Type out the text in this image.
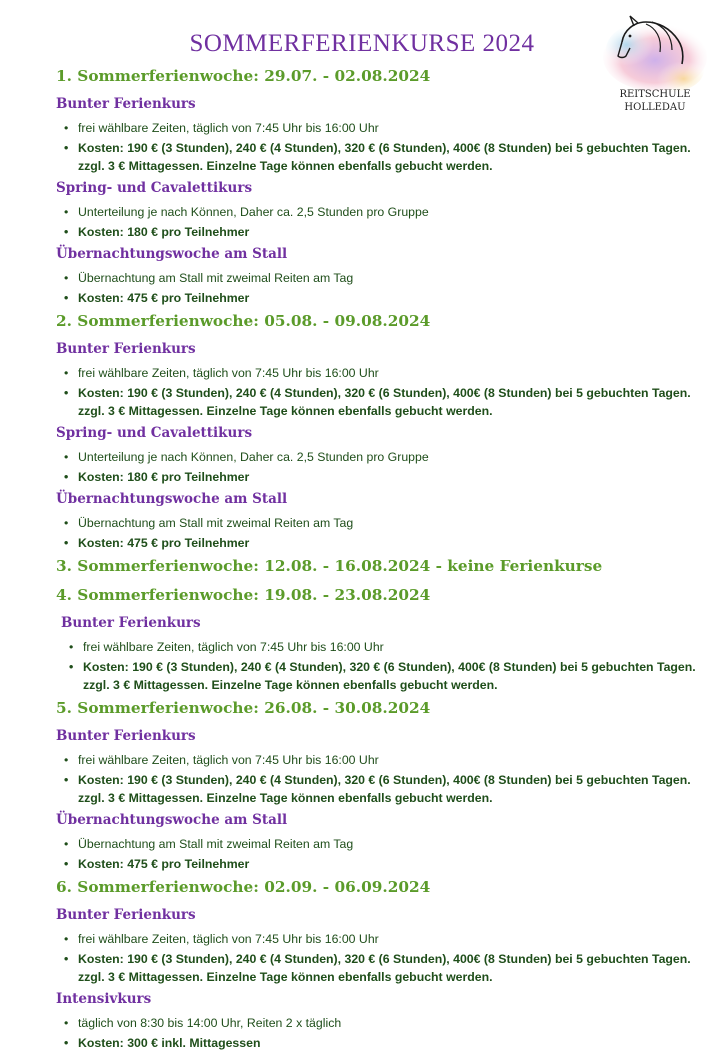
SOMMERFERIENKURSE 2024
REITSCHULE
HOLLEDAU
1. Sommerferienwoche: 29.07. - 02.08.2024
Bunter Ferienkurs
• frei wählbare Zeiten, täglich von 7:45 Uhr bis 16:00 Uhr
• Kosten: 190 € (3 Stunden), 240 € (4 Stunden), 320 € (6 Stunden), 400€ (8 Stunden) bei 5 gebuchten Tagen. zzgl. 3 € Mittagessen. Einzelne Tage können ebenfalls gebucht werden.
Spring- und Cavalettikurs
• Unterteilung je nach Können, Daher ca. 2,5 Stunden pro Gruppe
• Kosten: 180 € pro Teilnehmer
Übernachtungswoche am Stall
• Übernachtung am Stall mit zweimal Reiten am Tag
• Kosten: 475 € pro Teilnehmer
2. Sommerferienwoche: 05.08. - 09.08.2024
Bunter Ferienkurs
• frei wählbare Zeiten, täglich von 7:45 Uhr bis 16:00 Uhr
• Kosten: 190 € (3 Stunden), 240 € (4 Stunden), 320 € (6 Stunden), 400€ (8 Stunden) bei 5 gebuchten Tagen. zzgl. 3 € Mittagessen. Einzelne Tage können ebenfalls gebucht werden.
Spring- und Cavalettikurs
• Unterteilung je nach Können, Daher ca. 2,5 Stunden pro Gruppe
• Kosten: 180 € pro Teilnehmer
Übernachtungswoche am Stall
• Übernachtung am Stall mit zweimal Reiten am Tag
• Kosten: 475 € pro Teilnehmer
3. Sommerferienwoche: 12.08. - 16.08.2024 - keine Ferienkurse
4. Sommerferienwoche: 19.08. - 23.08.2024
Bunter Ferienkurs
• frei wählbare Zeiten, täglich von 7:45 Uhr bis 16:00 Uhr
• Kosten: 190 € (3 Stunden), 240 € (4 Stunden), 320 € (6 Stunden), 400€ (8 Stunden) bei 5 gebuchten Tagen. zzgl. 3 € Mittagessen. Einzelne Tage können ebenfalls gebucht werden.
5. Sommerferienwoche: 26.08. - 30.08.2024
Bunter Ferienkurs
• frei wählbare Zeiten, täglich von 7:45 Uhr bis 16:00 Uhr
• Kosten: 190 € (3 Stunden), 240 € (4 Stunden), 320 € (6 Stunden), 400€ (8 Stunden) bei 5 gebuchten Tagen. zzgl. 3 € Mittagessen. Einzelne Tage können ebenfalls gebucht werden.
Übernachtungswoche am Stall
• Übernachtung am Stall mit zweimal Reiten am Tag
• Kosten: 475 € pro Teilnehmer
6. Sommerferienwoche: 02.09. - 06.09.2024
Bunter Ferienkurs
• frei wählbare Zeiten, täglich von 7:45 Uhr bis 16:00 Uhr
• Kosten: 190 € (3 Stunden), 240 € (4 Stunden), 320 € (6 Stunden), 400€ (8 Stunden) bei 5 gebuchten Tagen. zzgl. 3 € Mittagessen. Einzelne Tage können ebenfalls gebucht werden.
Intensivkurs
• täglich von 8:30 bis 14:00 Uhr, Reiten 2 x täglich
• Kosten: 300 € inkl. Mittagessen
